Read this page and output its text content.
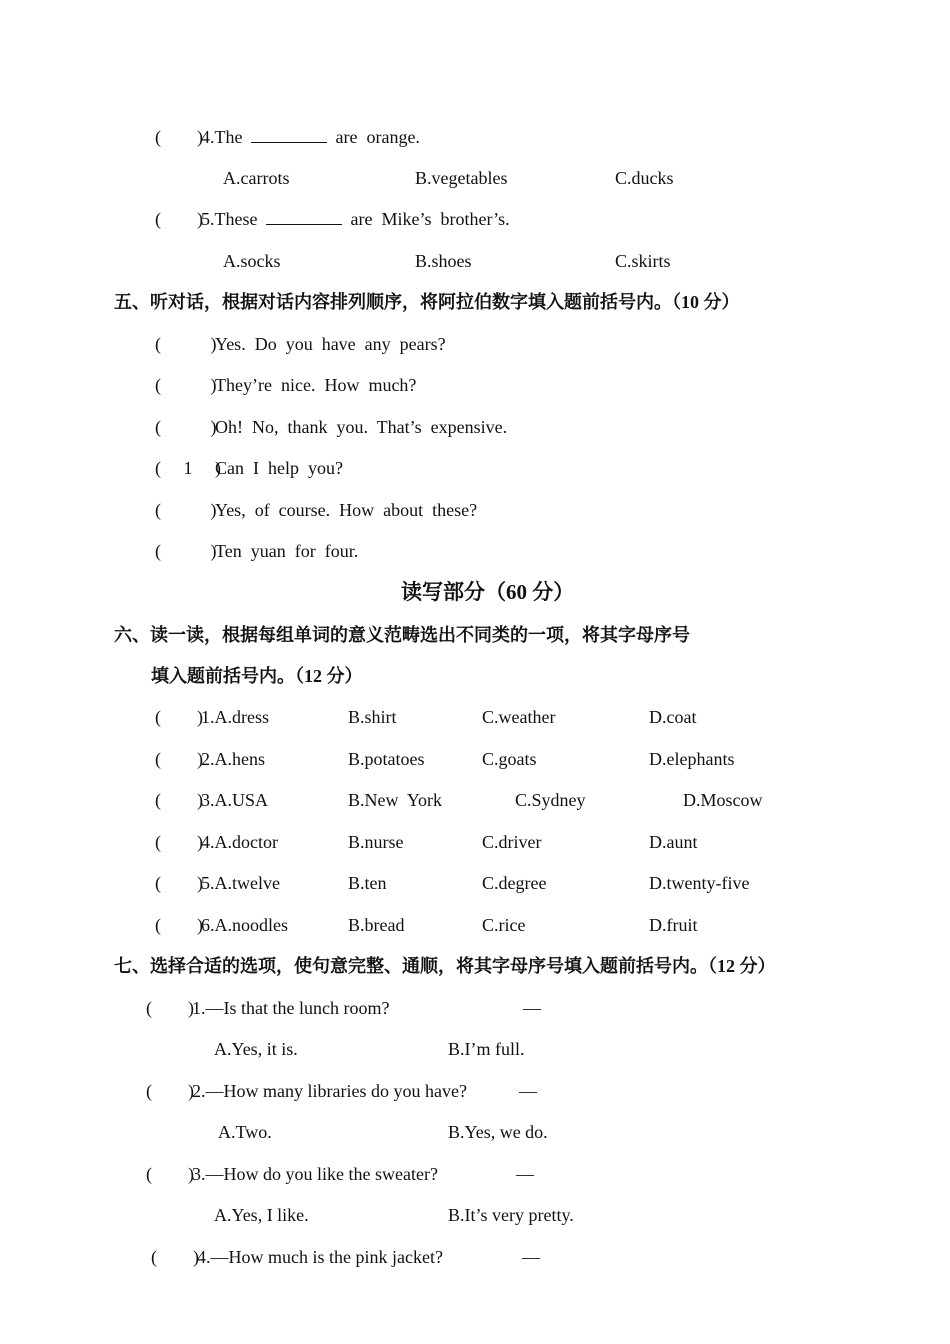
(        )
4.The	are  orange.
A.carrots	B.vegetables	C.ducks
(        )
5.These	are  Mike’s  brother’s.
A.socks	B.shoes	C.skirts
五、听对话，根据对话内容排列顺序，将阿拉伯数字填入题前括号内。（10 分）
(           )
Yes.  Do  you  have  any  pears?
(           )
They’re  nice.  How  much?
(           )
Oh!  No,  thank  you.  That’s  expensive.
(     1     )
Can  I  help  you?
(           )
Yes,  of  course.  How  about  these?
(           )
Ten  yuan  for  four.
读写部分（60 分）
六、读一读，根据每组单词的意义范畴选出不同类的一项，将其字母序号
填入题前括号内。（12 分）
(        )
1.A.dress	B.shirt	C.weather	D.coat
(        )
2.A.hens	B.potatoes	C.goats	D.elephants
(        )
3.A.USA	B.New  York	C.Sydney	D.Moscow
(        )
4.A.doctor	B.nurse	C.driver	D.aunt
(        )
5.A.twelve	B.ten	C.degree	D.twenty-five
(        )
6.A.noodles	B.bread	C.rice	D.fruit
七、选择合适的选项，使句意完整、通顺，将其字母序号填入题前括号内。（12 分）
(        )
1.—Is that the lunch room?	—
A.Yes, it is.	B.I’m full.
(        )
2.—How many libraries do you have?	—
A.Two.	B.Yes, we do.
(        )
3.—How do you like the sweater?	—
A.Yes, I like.	B.It’s very pretty.
(        )
4.—How much is the pink jacket?	—
